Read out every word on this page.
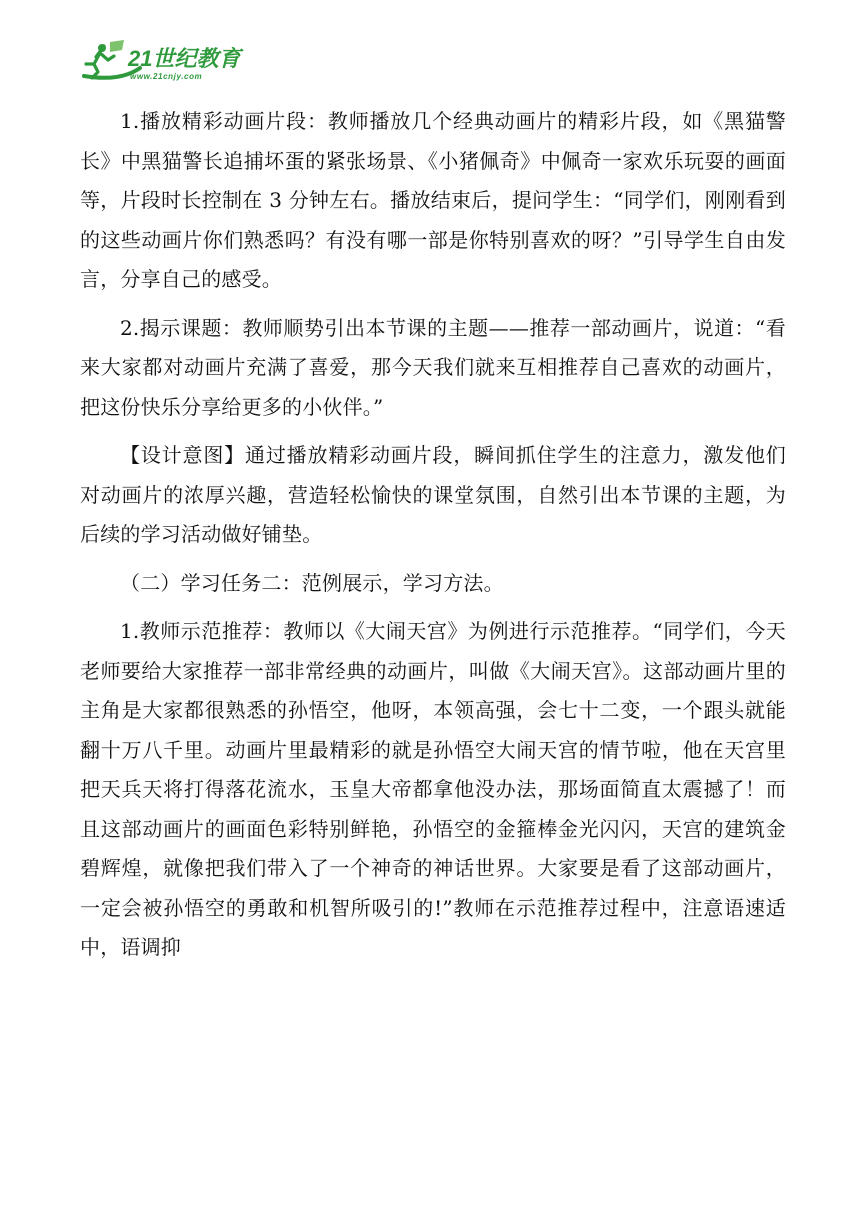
21世纪教育
www.21cnjy.com

1.播放精彩动画片段：教师播放几个经典动画片的精彩片段，如《黑猫警长》中黑猫警长追捕坏蛋的紧张场景、《小猪佩奇》中佩奇一家欢乐玩耍的画面等，片段时长控制在 3 分钟左右。播放结束后，提问学生：“同学们，刚刚看到的这些动画片你们熟悉吗？有没有哪一部是你特别喜欢的呀？”引导学生自由发言，分享自己的感受。

2.揭示课题：教师顺势引出本节课的主题——推荐一部动画片，说道：“看来大家都对动画片充满了喜爱，那今天我们就来互相推荐自己喜欢的动画片，把这份快乐分享给更多的小伙伴。”

【设计意图】通过播放精彩动画片段，瞬间抓住学生的注意力，激发他们对动画片的浓厚兴趣，营造轻松愉快的课堂氛围，自然引出本节课的主题，为后续的学习活动做好铺垫。

（二）学习任务二：范例展示，学习方法。

1.教师示范推荐：教师以《大闹天宫》为例进行示范推荐。“同学们，今天老师要给大家推荐一部非常经典的动画片，叫做《大闹天宫》。这部动画片里的主角是大家都很熟悉的孙悟空，他呀，本领高强，会七十二变，一个跟头就能翻十万八千里。动画片里最精彩的就是孙悟空大闹天宫的情节啦，他在天宫里把天兵天将打得落花流水，玉皇大帝都拿他没办法，那场面简直太震撼了！而且这部动画片的画面色彩特别鲜艳，孙悟空的金箍棒金光闪闪，天宫的建筑金碧辉煌，就像把我们带入了一个神奇的神话世界。大家要是看了这部动画片，一定会被孙悟空的勇敢和机智所吸引的!”教师在示范推荐过程中，注意语速适中，语调抑
